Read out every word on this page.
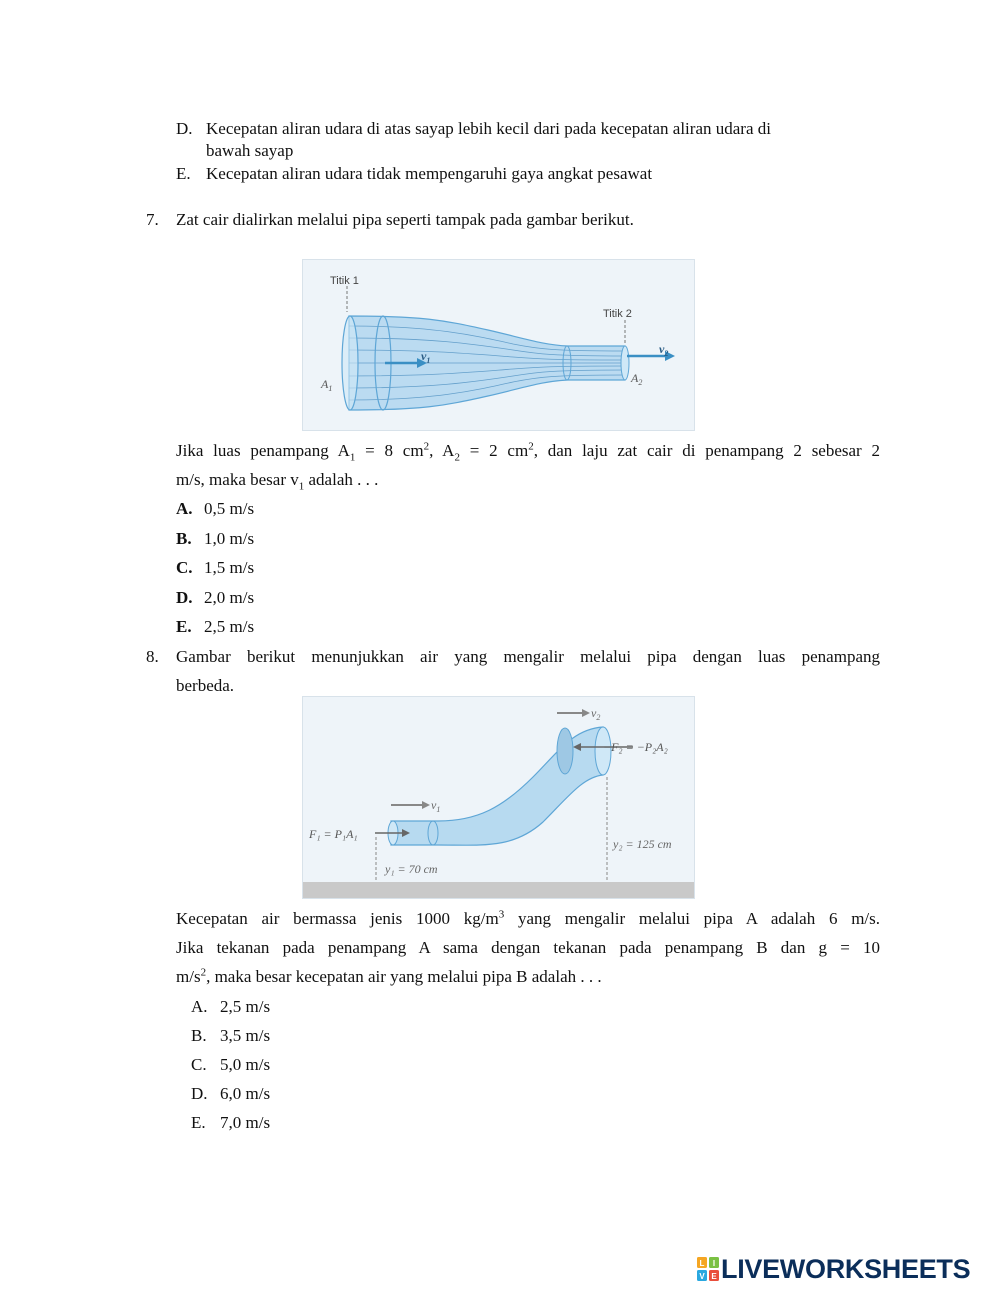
D. Kecepatan aliran udara di atas sayap lebih kecil dari pada kecepatan aliran udara di
bawah sayap
E. Kecepatan aliran udara tidak mempengaruhi gaya angkat pesawat
7. Zat cair dialirkan melalui pipa seperti tampak pada gambar berikut.
Titik 1
Titik 2
$v_1$
$v_2$
$A_1$
$A_2$
Jika luas penampang $A_1 = 8$ $cm^2$, $A_2 = 2$ $cm^2$, dan laju zat cair di penampang 2 sebesar 2
m/s, maka besar $v_1$ adalah . . .
A. 0,5 m/s
B. 1,0 m/s
C. 1,5 m/s
D. 2,0 m/s
E. 2,5 m/s
8. Gambar berikut menunjukkan air yang mengalir melalui pipa dengan luas penampang
berbeda.
$v_1$
$v_2$
F₁ = P₁A₁
−F₂ = −P₂A₂
y₁ = 70 cm
y₂ = 125 cm
Kecepatan air bermassa jenis 1000 $kg/m^3$ yang mengalir melalui pipa A adalah 6 m/s.
Jika tekanan pada penampang A sama dengan tekanan pada penampang B dan g = 10
$m/s^2$, maka besar kecepatan air yang melalui pipa B adalah . . .
A. 2,5 m/s
B. 3,5 m/s
C. 5,0 m/s
D. 6,0 m/s
E. 7,0 m/s
L I
V E LIVEWORKSHEETS
